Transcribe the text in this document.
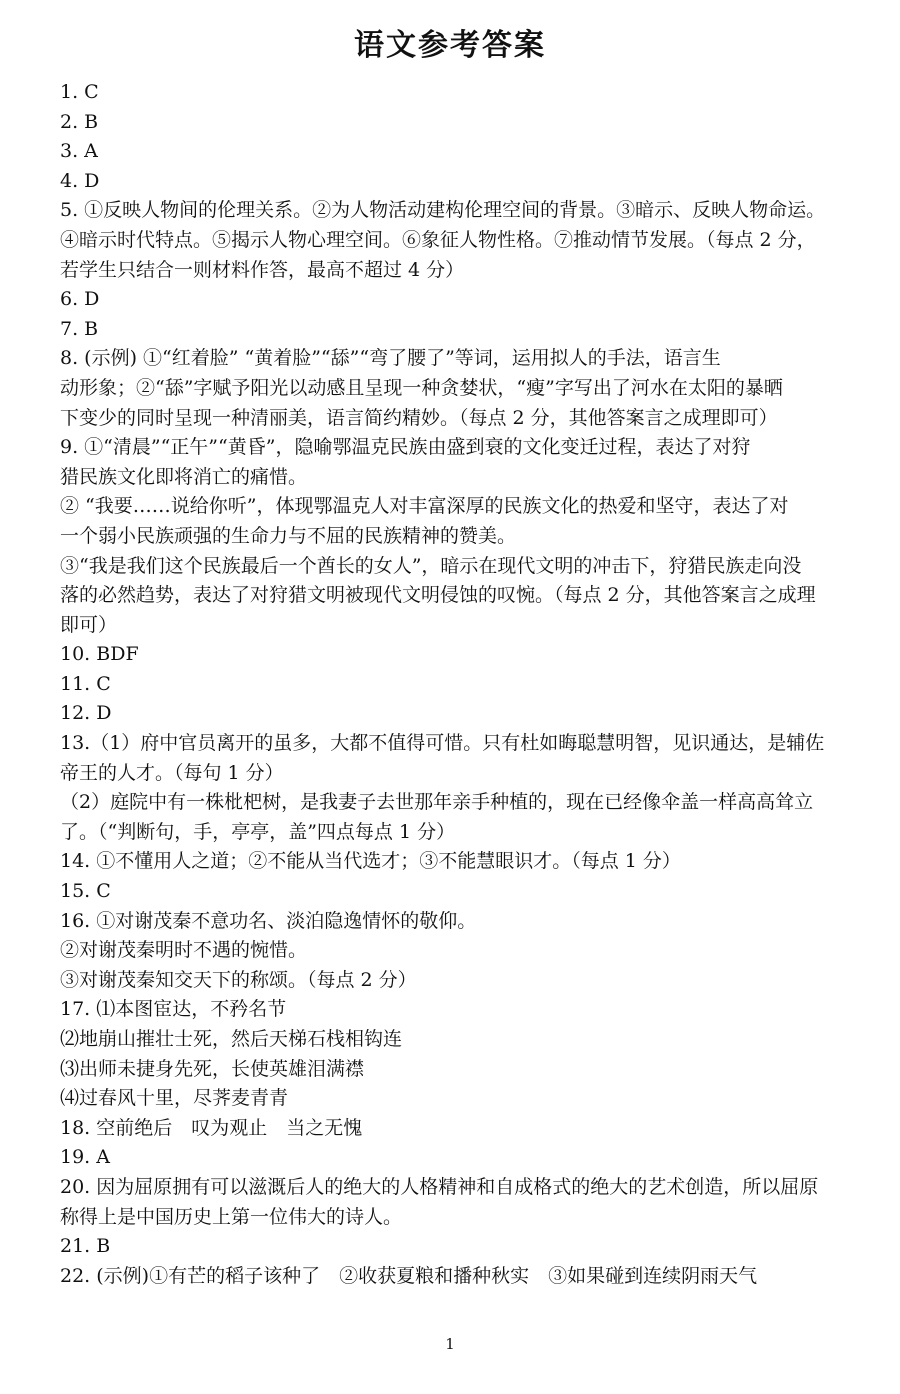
语文参考答案
1. C
2. B
3. A
4. D
5. ①反映人物间的伦理关系。②为人物活动建构伦理空间的背景。③暗示、反映人物命运。
④暗示时代特点。⑤揭示人物心理空间。⑥象征人物性格。⑦推动情节发展。（每点 2 分，
若学生只结合一则材料作答，最高不超过 4 分）
6. D
7. B
8. (示例) ①“红着脸” “黄着脸”“舔”“弯了腰了”等词，运用拟人的手法，语言生
动形象；②“舔”字赋予阳光以动感且呈现一种贪婪状，“瘦”字写出了河水在太阳的暴晒
下变少的同时呈现一种清丽美，语言简约精妙。（每点 2 分，其他答案言之成理即可）
9. ①“清晨”“正午”“黄昏”，隐喻鄂温克民族由盛到衰的文化变迁过程，表达了对狩
猎民族文化即将消亡的痛惜。
② “我要……说给你听”，体现鄂温克人对丰富深厚的民族文化的热爱和坚守，表达了对
一个弱小民族顽强的生命力与不屈的民族精神的赞美。
③“我是我们这个民族最后一个酋长的女人”，暗示在现代文明的冲击下，狩猎民族走向没
落的必然趋势，表达了对狩猎文明被现代文明侵蚀的叹惋。（每点 2 分，其他答案言之成理
即可）
10. BDF
11. C
12. D
13.（1）府中官员离开的虽多，大都不值得可惜。只有杜如晦聪慧明智，见识通达，是辅佐
帝王的人才。（每句 1 分）
（2）庭院中有一株枇杷树，是我妻子去世那年亲手种植的，现在已经像伞盖一样高高耸立
了。（“判断句，手，亭亭，盖”四点每点 1 分）
14. ①不懂用人之道；②不能从当代选才；③不能慧眼识才。（每点 1 分）
15. C
16. ①对谢茂秦不意功名、淡泊隐逸情怀的敬仰。
②对谢茂秦明时不遇的惋惜。
③对谢茂秦知交天下的称颂。（每点 2 分）
17. ⑴本图宦达，不矜名节
⑵地崩山摧壮士死，然后天梯石栈相钩连
⑶出师未捷身先死，长使英雄泪满襟
⑷过春风十里，尽荠麦青青
18. 空前绝后　叹为观止　当之无愧
19. A
20. 因为屈原拥有可以滋溉后人的绝大的人格精神和自成格式的绝大的艺术创造，所以屈原
称得上是中国历史上第一位伟大的诗人。
21. B
22. (示例)①有芒的稻子该种了　②收获夏粮和播种秋实　③如果碰到连续阴雨天气
1
